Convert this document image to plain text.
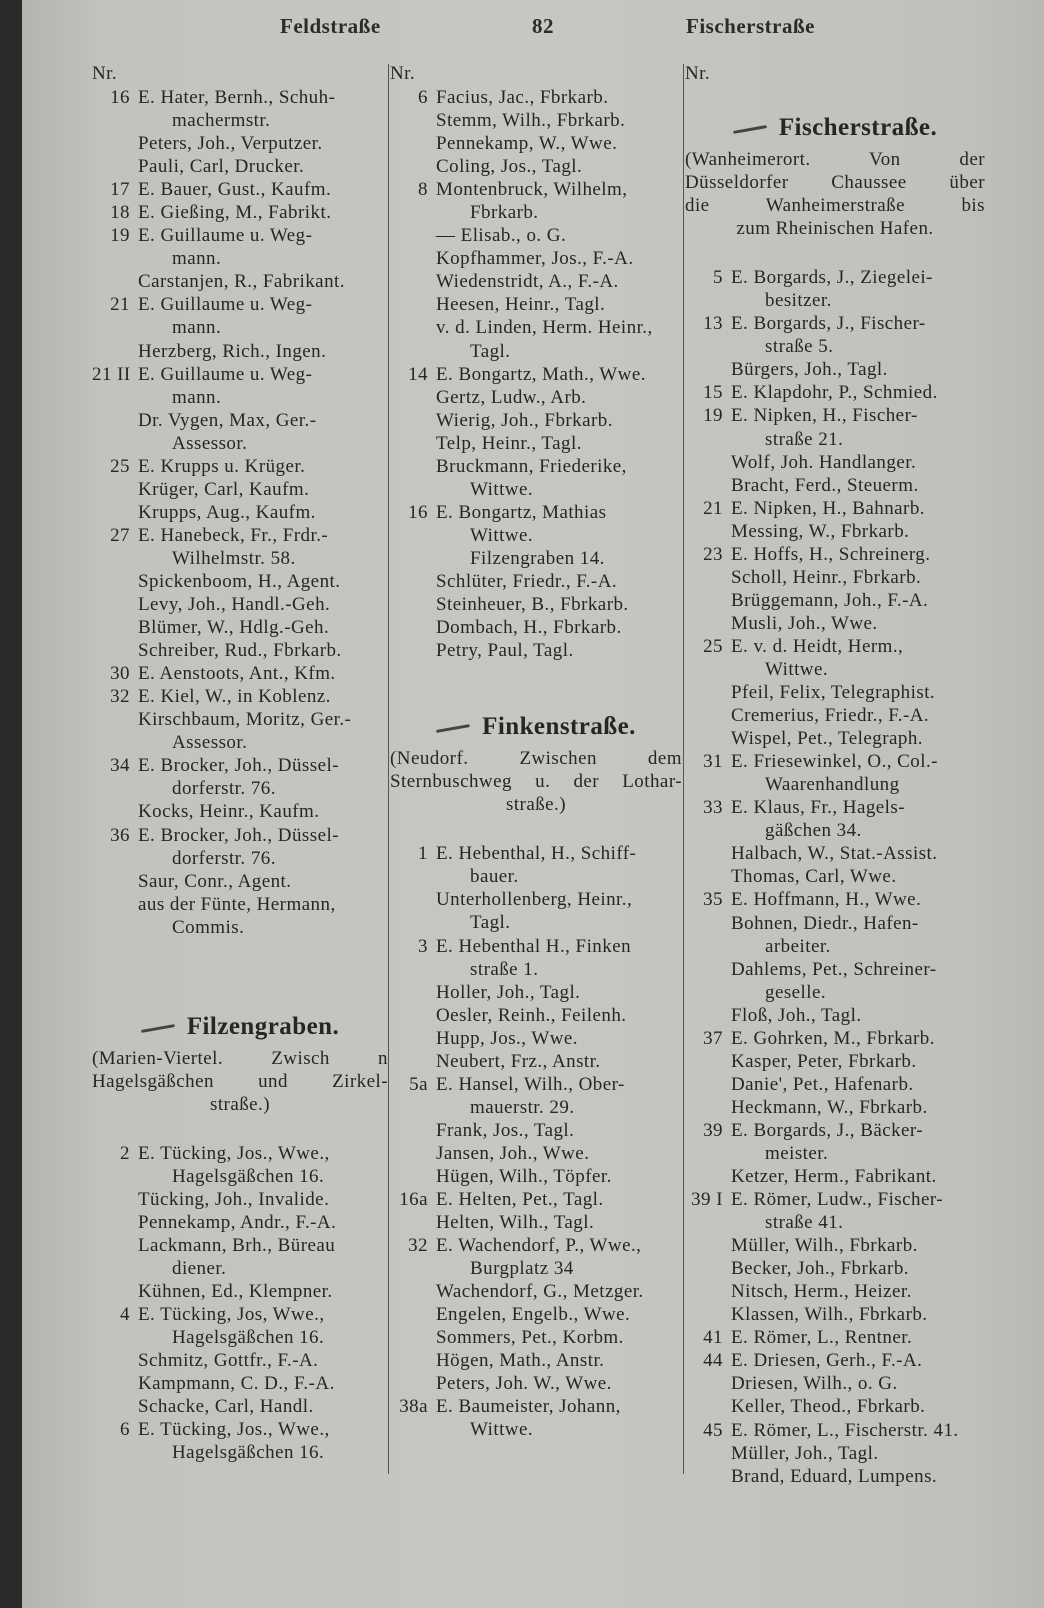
Feldstraße	82	Fischerstraße
Nr.
16 E. Hater, Bernh., Schuh-
machermstr.
Peters, Joh., Verputzer.
Pauli, Carl, Drucker.
17 E. Bauer, Gust., Kaufm.
18 E. Gießing, M., Fabrikt.
19 E. Guillaume u. Weg-
mann.
Carstanjen, R., Fabrikant.
21 E. Guillaume u. Weg-
mann.
Herzberg, Rich., Ingen.
21 II E. Guillaume u. Weg-
mann.
Dr. Vygen, Max, Ger.-
Assessor.
25 E. Krupps u. Krüger.
Krüger, Carl, Kaufm.
Krupps, Aug., Kaufm.
27 E. Hanebeck, Fr., Frdr.-
Wilhelmstr. 58.
Spickenboom, H., Agent.
Levy, Joh., Handl.-Geh.
Blümer, W., Hdlg.-Geh.
Schreiber, Rud., Fbrkarb.
30 E. Aenstoots, Ant., Kfm.
32 E. Kiel, W., in Koblenz.
Kirschbaum, Moritz, Ger.-
Assessor.
34 E. Brocker, Joh., Düssel-
dorferstr. 76.
Kocks, Heinr., Kaufm.
36 E. Brocker, Joh., Düssel-
dorferstr. 76.
Saur, Conr., Agent.
aus der Fünte, Hermann,
Commis.
Filzengraben.
(Marien-Viertel. Zwisch n
Hagelsgäßchen und Zirkel-
straße.)
2 E. Tücking, Jos., Wwe.,
Hagelsgäßchen 16.
Tücking, Joh., Invalide.
Pennekamp, Andr., F.-A.
Lackmann, Brh., Büreau
diener.
Kühnen, Ed., Klempner.
4 E. Tücking, Jos, Wwe.,
Hagelsgäßchen 16.
Schmitz, Gottfr., F.-A.
Kampmann, C. D., F.-A.
Schacke, Carl, Handl.
6 E. Tücking, Jos., Wwe.,
Hagelsgäßchen 16.
Nr.
6 Facius, Jac., Fbrkarb.
Stemm, Wilh., Fbrkarb.
Pennekamp, W., Wwe.
Coling, Jos., Tagl.
8 Montenbruck, Wilhelm,
Fbrkarb.
— Elisab., o. G.
Kopfhammer, Jos., F.-A.
Wiedenstridt, A., F.-A.
Heesen, Heinr., Tagl.
v. d. Linden, Herm. Heinr.,
Tagl.
14 E. Bongartz, Math., Wwe.
Gertz, Ludw., Arb.
Wierig, Joh., Fbrkarb.
Telp, Heinr., Tagl.
Bruckmann, Friederike,
Wittwe.
16 E. Bongartz, Mathias
Wittwe.
Filzengraben 14.
Schlüter, Friedr., F.-A.
Steinheuer, B., Fbrkarb.
Dombach, H., Fbrkarb.
Petry, Paul, Tagl.
Finkenstraße.
(Neudorf. Zwischen dem
Sternbuschweg u. der Lothar-
straße.)
1 E. Hebenthal, H., Schiff-
bauer.
Unterhollenberg, Heinr.,
Tagl.
3 E. Hebenthal H., Finken
straße 1.
Holler, Joh., Tagl.
Oesler, Reinh., Feilenh.
Hupp, Jos., Wwe.
Neubert, Frz., Anstr.
5a E. Hansel, Wilh., Ober-
mauerstr. 29.
Frank, Jos., Tagl.
Jansen, Joh., Wwe.
Hügen, Wilh., Töpfer.
16a E. Helten, Pet., Tagl.
Helten, Wilh., Tagl.
32 E. Wachendorf, P., Wwe.,
Burgplatz 34
Wachendorf, G., Metzger.
Engelen, Engelb., Wwe.
Sommers, Pet., Korbm.
Högen, Math., Anstr.
Peters, Joh. W., Wwe.
38a E. Baumeister, Johann,
Wittwe.
Nr.
Fischerstraße.
(Wanheimerort. Von der
Düsseldorfer Chaussee über
die Wanheimerstraße bis
zum Rheinischen Hafen.
5 E. Borgards, J., Ziegelei-
besitzer.
13 E. Borgards, J., Fischer-
straße 5.
Bürgers, Joh., Tagl.
15 E. Klapdohr, P., Schmied.
19 E. Nipken, H., Fischer-
straße 21.
Wolf, Joh. Handlanger.
Bracht, Ferd., Steuerm.
21 E. Nipken, H., Bahnarb.
Messing, W., Fbrkarb.
23 E. Hoffs, H., Schreinerg.
Scholl, Heinr., Fbrkarb.
Brüggemann, Joh., F.-A.
Musli, Joh., Wwe.
25 E. v. d. Heidt, Herm.,
Wittwe.
Pfeil, Felix, Telegraphist.
Cremerius, Friedr., F.-A.
Wispel, Pet., Telegraph.
31 E. Friesewinkel, O., Col.-
Waarenhandlung
33 E. Klaus, Fr., Hagels-
gäßchen 34.
Halbach, W., Stat.-Assist.
Thomas, Carl, Wwe.
35 E. Hoffmann, H., Wwe.
Bohnen, Diedr., Hafen-
arbeiter.
Dahlems, Pet., Schreiner-
geselle.
Floß, Joh., Tagl.
37 E. Gohrken, M., Fbrkarb.
Kasper, Peter, Fbrkarb.
Danie', Pet., Hafenarb.
Heckmann, W., Fbrkarb.
39 E. Borgards, J., Bäcker-
meister.
Ketzer, Herm., Fabrikant.
39 I E. Römer, Ludw., Fischer-
straße 41.
Müller, Wilh., Fbrkarb.
Becker, Joh., Fbrkarb.
Nitsch, Herm., Heizer.
Klassen, Wilh., Fbrkarb.
41 E. Römer, L., Rentner.
44 E. Driesen, Gerh., F.-A.
Driesen, Wilh., o. G.
Keller, Theod., Fbrkarb.
45 E. Römer, L., Fischerstr. 41.
Müller, Joh., Tagl.
Brand, Eduard, Lumpens.
